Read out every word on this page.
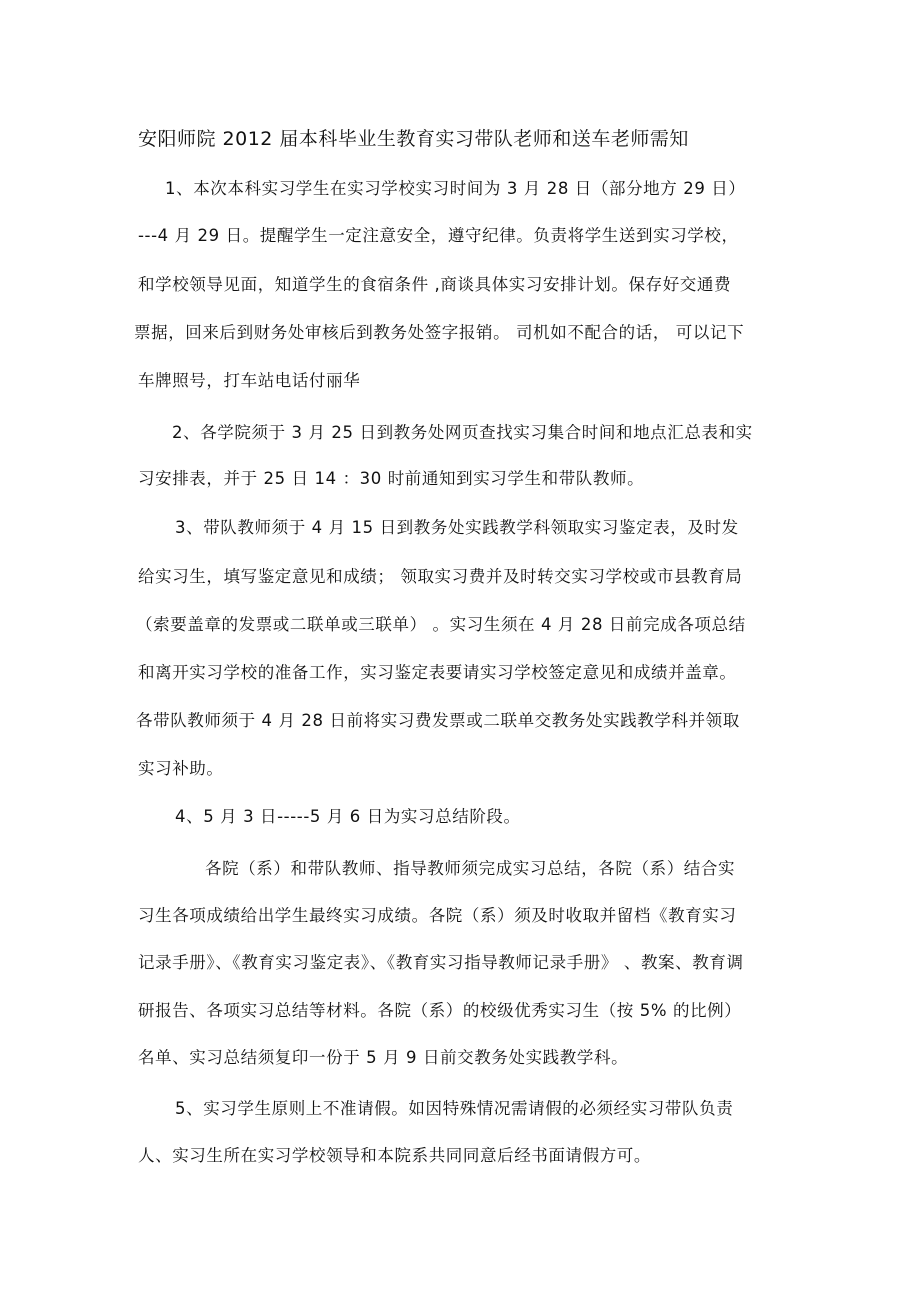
安阳师院 2012 届本科毕业生教育实习带队老师和送车老师需知
1、本次本科实习学生在实习学校实习时间为 3 月 28 日（部分地方 29 日）
---4 月 29 日。提醒学生一定注意安全，遵守纪律。负责将学生送到实习学校，
和学校领导见面，知道学生的食宿条件 ,商谈具体实习安排计划。保存好交通费
票据，回来后到财务处审核后到教务处签字报销。 司机如不配合的话， 可以记下
车牌照号，打车站电话付丽华
2、各学院须于 3 月 25 日到教务处网页查找实习集合时间和地点汇总表和实
习安排表，并于 25 日 14 ：30 时前通知到实习学生和带队教师。
3、带队教师须于 4 月 15 日到教务处实践教学科领取实习鉴定表，及时发
给实习生，填写鉴定意见和成绩； 领取实习费并及时转交实习学校或市县教育局
（索要盖章的发票或二联单或三联单） 。实习生须在 4 月 28 日前完成各项总结
和离开实习学校的准备工作，实习鉴定表要请实习学校签定意见和成绩并盖章。
各带队教师须于 4 月 28 日前将实习费发票或二联单交教务处实践教学科并领取
实习补助。
4、5 月 3 日-----5 月 6 日为实习总结阶段。
各院（系）和带队教师、指导教师须完成实习总结，各院（系）结合实
习生各项成绩给出学生最终实习成绩。各院（系）须及时收取并留档《教育实习
记录手册》、《教育实习鉴定表》、《教育实习指导教师记录手册》 、教案、教育调
研报告、各项实习总结等材料。各院（系）的校级优秀实习生（按 5% 的比例）
名单、实习总结须复印一份于 5 月 9 日前交教务处实践教学科。
5、实习学生原则上不准请假。如因特殊情况需请假的必须经实习带队负责
人、实习生所在实习学校领导和本院系共同同意后经书面请假方可。
